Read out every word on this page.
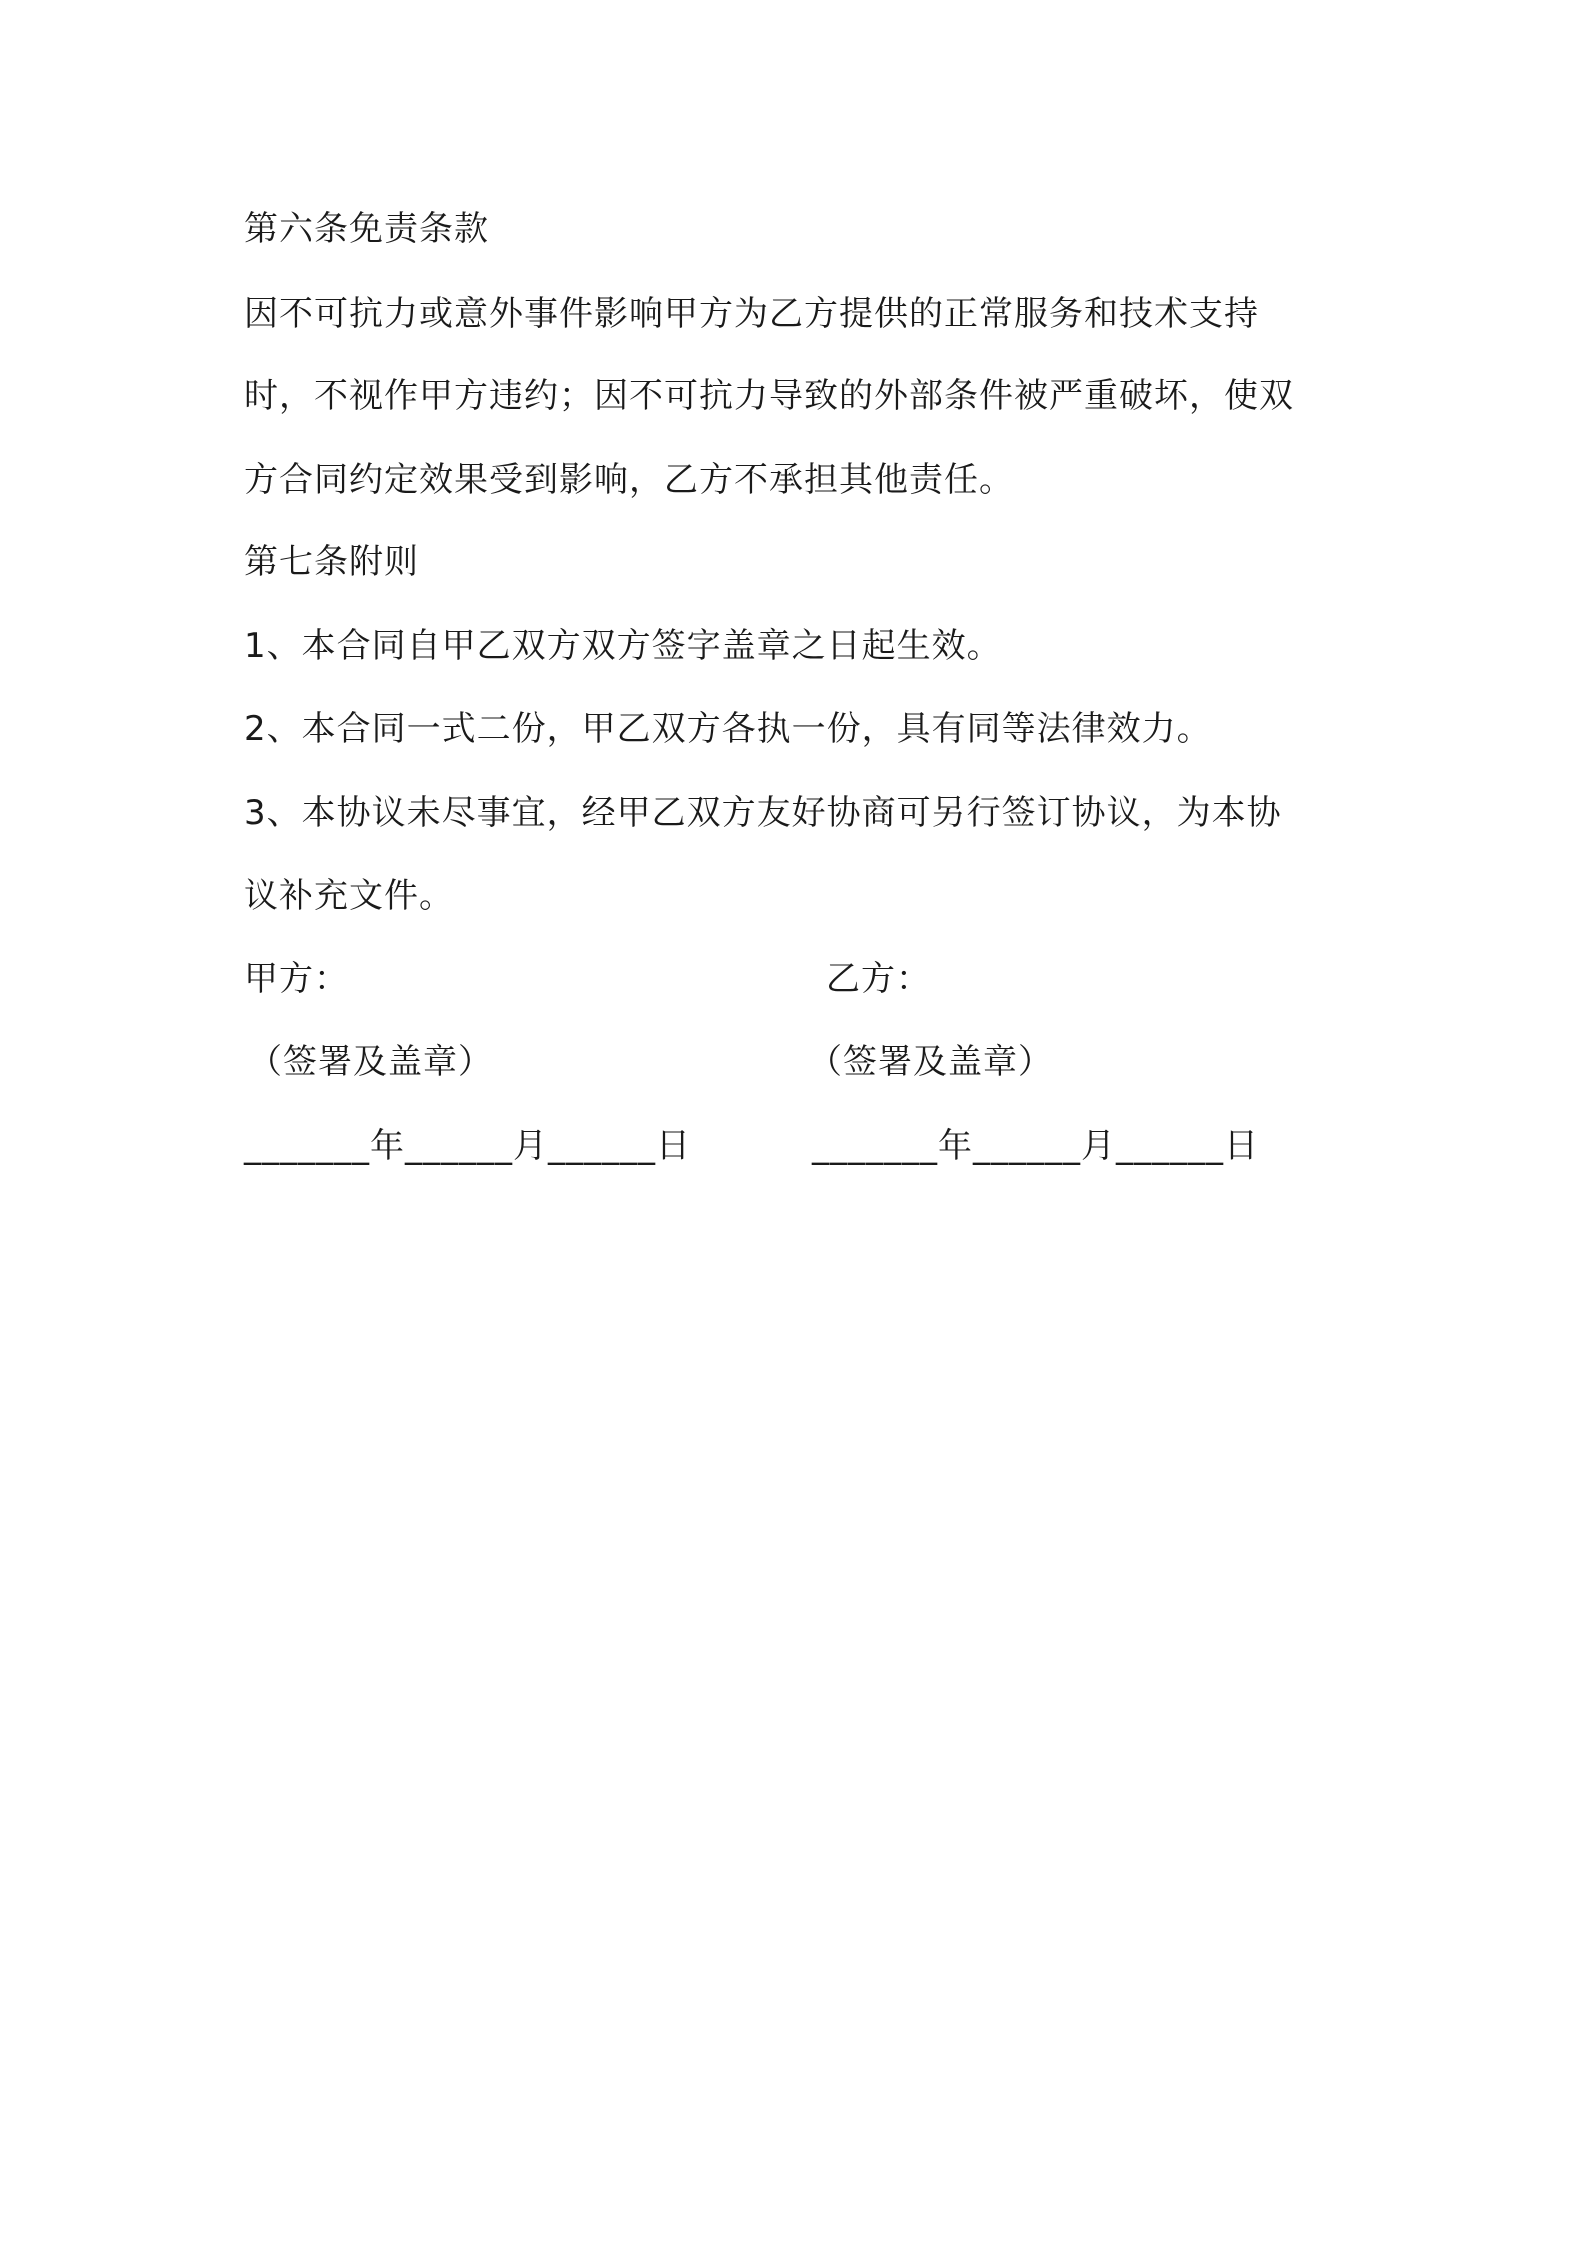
第六条免责条款
因不可抗力或意外事件影响甲方为乙方提供的正常服务和技术支持
时，不视作甲方违约；因不可抗力导致的外部条件被严重破坏，使双
方合同约定效果受到影响，乙方不承担其他责任。
第七条附则
1、本合同自甲乙双方双方签字盖章之日起生效。
2、本合同一式二份，甲乙双方各执一份，具有同等法律效力。
3、本协议未尽事宜，经甲乙双方友好协商可另行签订协议，为本协
议补充文件。
甲方：	乙方：
（签署及盖章）	（签署及盖章）
_______年______月______日	_______年______月______日
